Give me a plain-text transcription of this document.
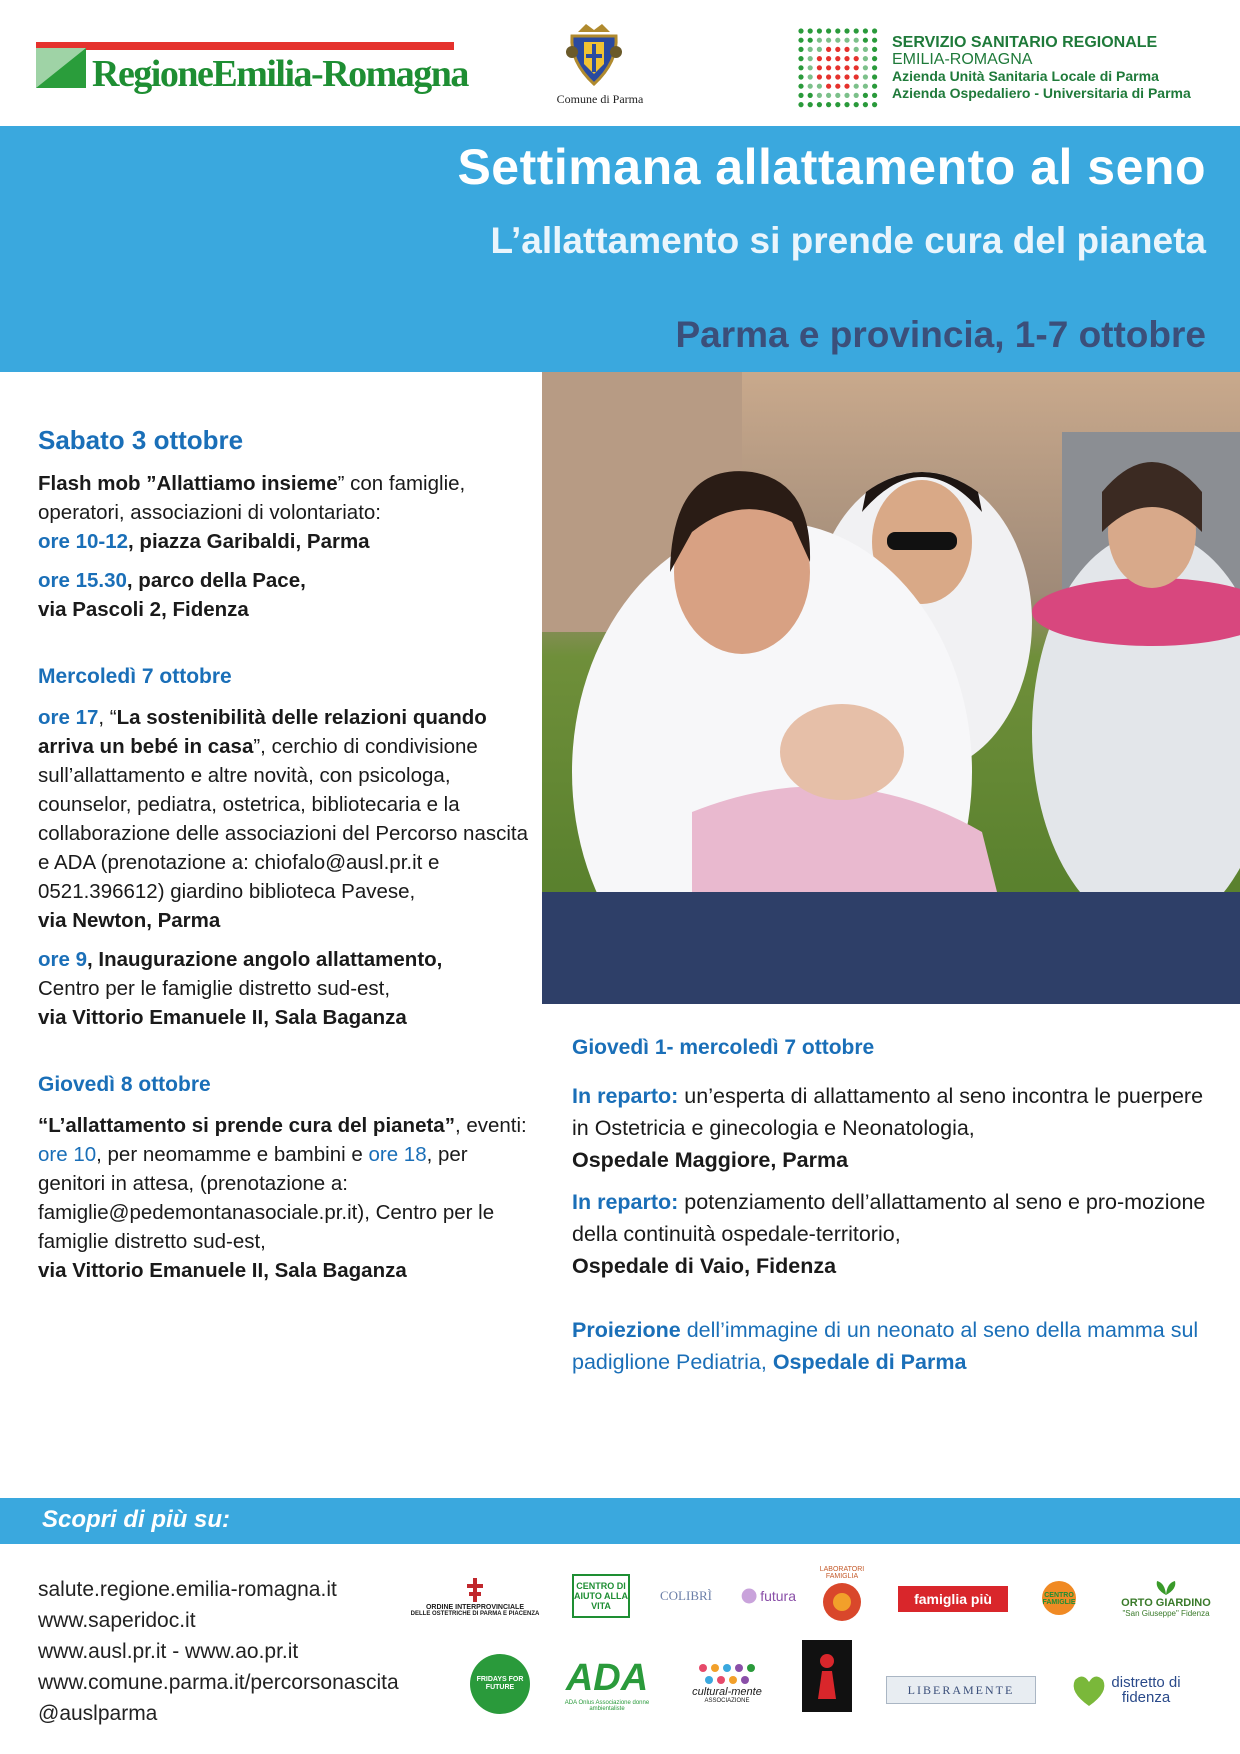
RegioneEmilia-Romagna
Comune di Parma
SERVIZIO SANITARIO REGIONALE
EMILIA-ROMAGNA
Azienda Unità Sanitaria Locale di Parma
Azienda Ospedaliero - Universitaria di Parma
Settimana allattamento al seno
L’allattamento si prende cura del pianeta
Parma e provincia, 1-7 ottobre
Sabato 3 ottobre

Flash mob ”Allattiamo insieme” con famiglie, operatori, associazioni di volontariato:
ore 10-12, piazza Garibaldi, Parma

ore 15.30, parco della Pace,
via Pascoli 2, Fidenza

Mercoledì 7 ottobre

ore 17, “La sostenibilità delle relazioni quando arriva un bebé in casa”, cerchio di condivisione sull’allattamento e altre novità, con psicologa, counselor, pediatra, ostetrica, bibliotecaria e la collaborazione delle associazioni del Percorso nascita e ADA (prenotazione a: chiofalo@ausl.pr.it e 0521.396612) giardino biblioteca Pavese,
via Newton, Parma

ore 9, Inaugurazione angolo allattamento,
Centro per le famiglie distretto sud-est,
via Vittorio Emanuele II, Sala Baganza

Giovedì 8 ottobre

“L’allattamento si prende cura del pianeta”, eventi: ore 10, per neomamme e bambini e ore 18, per genitori in attesa, (prenotazione a: famiglie@pedemontanasociale.pr.it), Centro per le famiglie distretto sud-est,
via Vittorio Emanuele II, Sala Baganza

Giovedì 1- mercoledì 7 ottobre

In reparto: un’esperta di allattamento al seno incontra le puerpere in Ostetricia e ginecologia e Neonatologia,
Ospedale Maggiore, Parma

In reparto: potenziamento dell’allattamento al seno e pro-mozione della continuità ospedale-territorio,
Ospedale di Vaio, Fidenza

Proiezione dell’immagine di un neonato al seno della mamma sul padiglione Pediatria, Ospedale di Parma

Scopri di più su:
salute.regione.emilia-romagna.it
www.saperidoc.it
www.ausl.pr.it - www.ao.pr.it
www.comune.parma.it/percorsonascita
@auslparma
ORDINE INTERPROVINCIALE
DELLE OSTETRICHE DI PARMA E PIACENZA
CENTRO DI AIUTO ALLA VITA
COLIBRÌ	futura
LABORATORI FAMIGLIA
famiglia più	CENTRO FAMIGLIE	ORTO GIARDINO
"San Giuseppe" Fidenza
FRIDAYS FOR FUTURE	ADA
ADA Onlus Associazione donne ambientaliste
cultural-mente
ASSOCIAZIONE
LIBERAMENTE	distretto di fidenza
